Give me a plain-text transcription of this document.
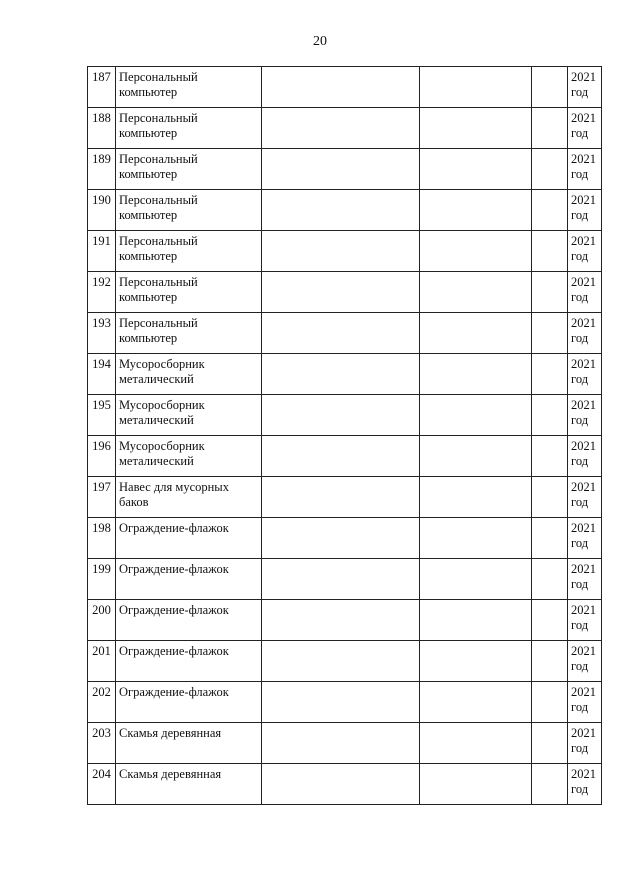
20
187	Персональный компьютер				2021 год
188	Персональный компьютер				2021 год
189	Персональный компьютер				2021 год
190	Персональный компьютер				2021 год
191	Персональный компьютер				2021 год
192	Персональный компьютер				2021 год
193	Персональный компьютер				2021 год
194	Мусоросборник металический				2021 год
195	Мусоросборник металический				2021 год
196	Мусоросборник металический				2021 год
197	Навес для мусорных баков				2021 год
198	Ограждение-флажок				2021 год
199	Ограждение-флажок				2021 год
200	Ограждение-флажок				2021 год
201	Ограждение-флажок				2021 год
202	Ограждение-флажок				2021 год
203	Скамья деревянная				2021 год
204	Скамья деревянная				2021 год
